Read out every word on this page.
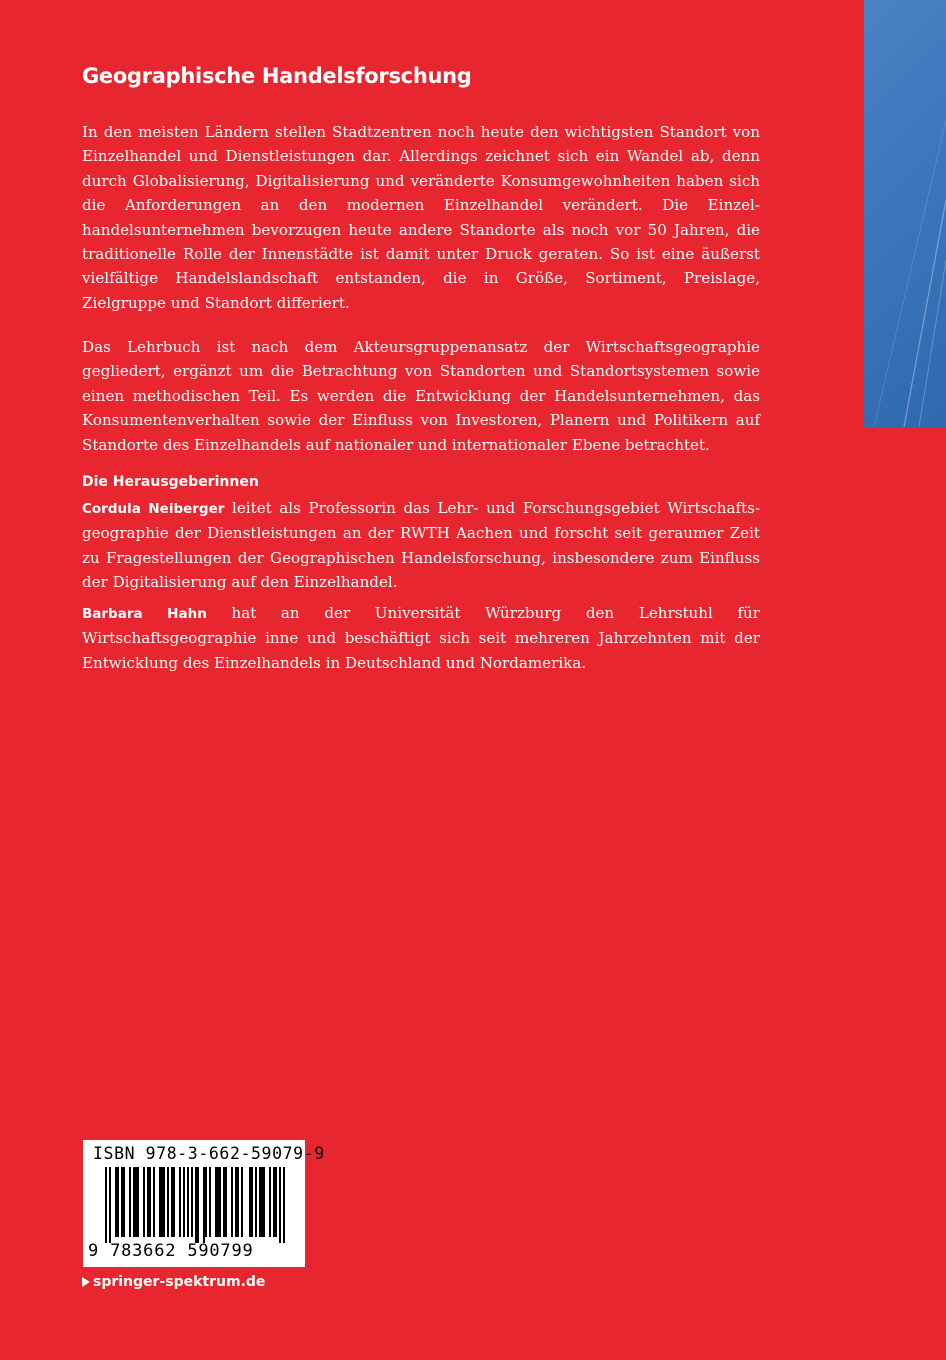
Geographische Handelsforschung

In den meisten Ländern stellen Stadtzentren noch heute den wichtigsten Standort von Einzelhandel und Dienstleistungen dar. Allerdings zeichnet sich ein Wandel ab, denn durch Globalisierung, Digitalisierung und veränderte Konsumgewohnheiten haben sich die Anforderungen an den modernen Einzelhandel verändert. Die Einzelhandelsunternehmen bevorzugen heute andere Standorte als noch vor 50 Jahren, die traditionelle Rolle der Innenstädte ist damit unter Druck geraten. So ist eine äußerst vielfältige Handelslandschaft entstanden, die in Größe, Sortiment, Preislage, Zielgruppe und Standort differiert.

Das Lehrbuch ist nach dem Akteursgruppenansatz der Wirtschaftsgeographie gegliedert, ergänzt um die Betrachtung von Standorten und Standortsystemen sowie einen methodischen Teil. Es werden die Entwicklung der Handelsunternehmen, das Konsumentenverhalten sowie der Einfluss von Investoren, Planern und Politikern auf Standorte des Einzelhandels auf nationaler und internationaler Ebene betrachtet.

Die Herausgeberinnen

Cordula Neiberger leitet als Professorin das Lehr- und Forschungsgebiet Wirtschaftsgeographie der Dienstleistungen an der RWTH Aachen und forscht seit geraumer Zeit zu Fragestellungen der Geographischen Handelsforschung, insbesondere zum Einfluss der Digitalisierung auf den Einzelhandel.

Barbara Hahn hat an der Universität Würzburg den Lehrstuhl für Wirtschaftsgeographie inne und beschäftigt sich seit mehreren Jahrzehnten mit der Entwicklung des Einzelhandels in Deutschland und Nordamerika.

ISBN 978-3-662-59079-9
9 783662 590799
springer-spektrum.de
